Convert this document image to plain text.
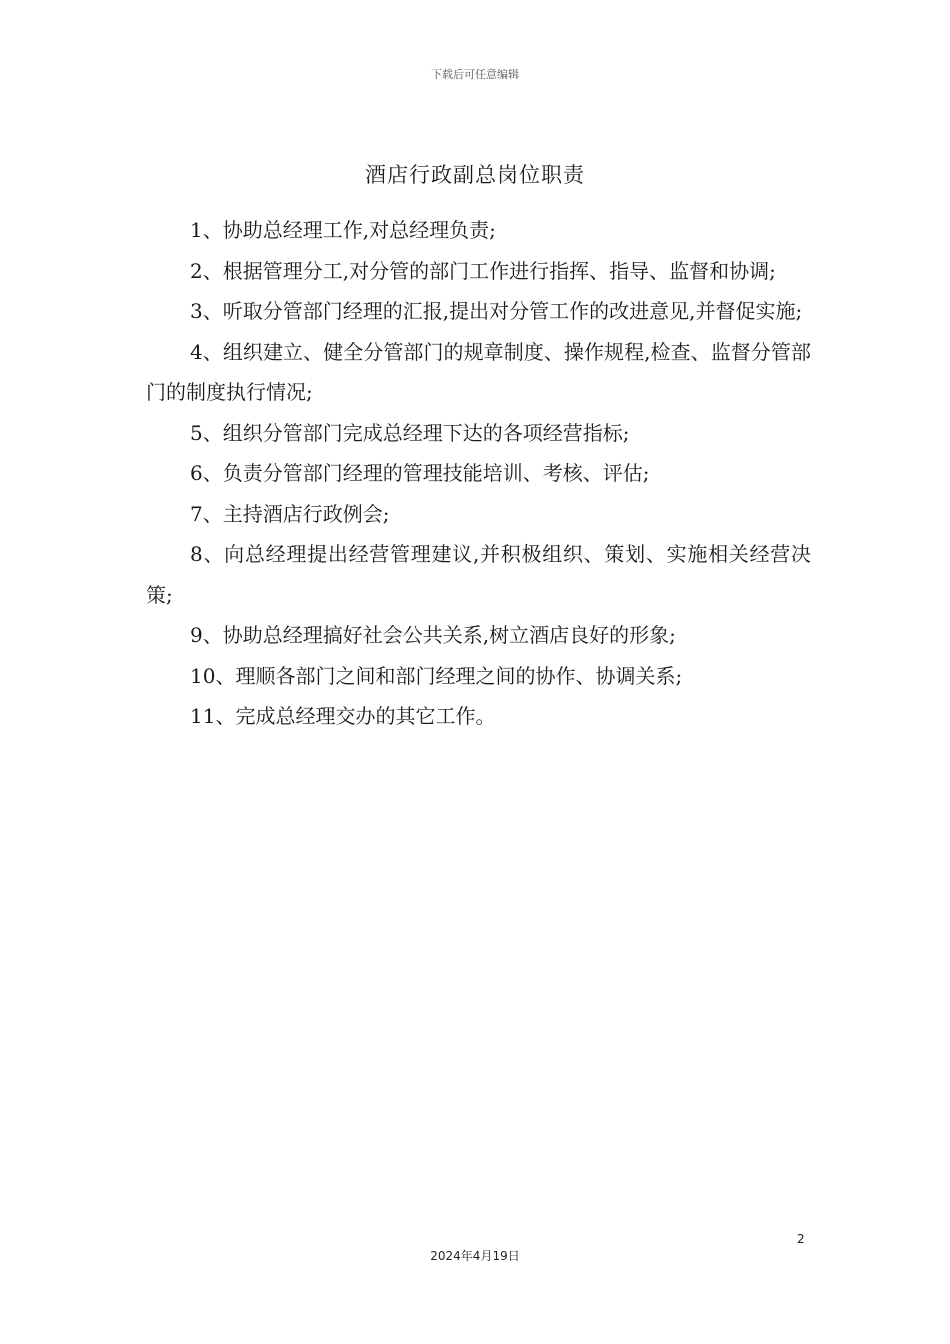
下载后可任意编辑
酒店行政副总岗位职责

1、协助总经理工作,对总经理负责;

2、根据管理分工,对分管的部门工作进行指挥、指导、监督和协调;

3、听取分管部门经理的汇报,提出对分管工作的改进意见,并督促实施;

4、组织建立、健全分管部门的规章制度、操作规程,检查、监督分管部门的制度执行情况;

5、组织分管部门完成总经理下达的各项经营指标;

6、负责分管部门经理的管理技能培训、考核、评估;

7、主持酒店行政例会;

8、向总经理提出经营管理建议,并积极组织、策划、实施相关经营决策;

9、协助总经理搞好社会公共关系,树立酒店良好的形象;

10、理顺各部门之间和部门经理之间的协作、协调关系;

11、完成总经理交办的其它工作。

2
2024年4月19日
